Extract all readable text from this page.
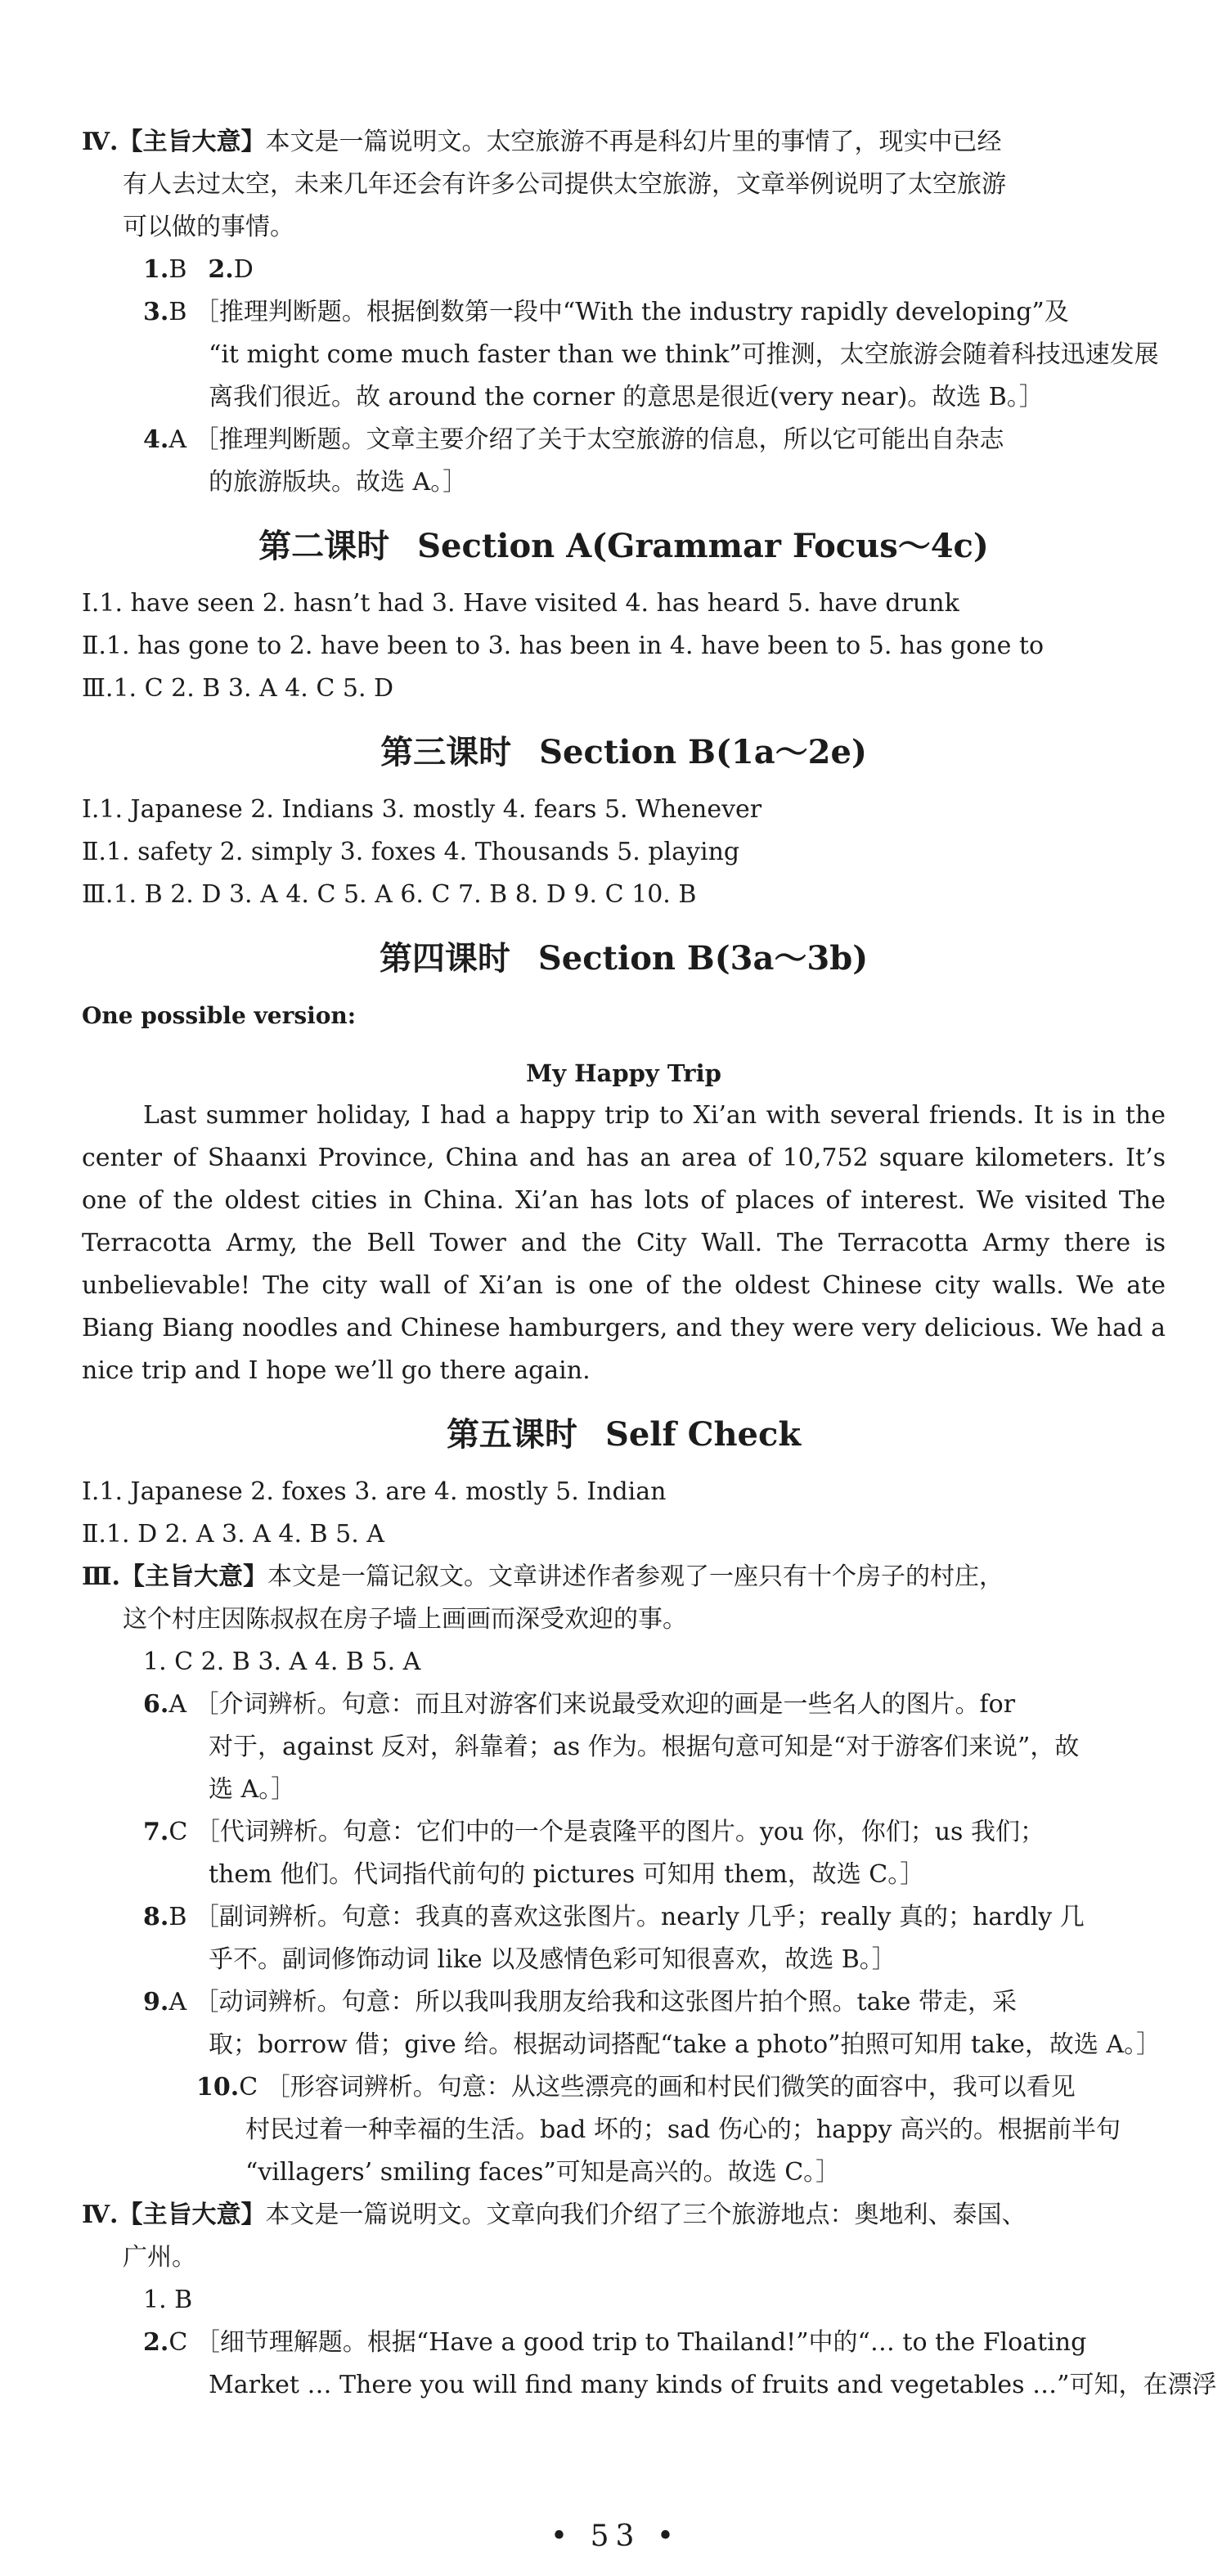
Ⅳ.【主旨大意】本文是一篇说明文。太空旅游不再是科幻片里的事情了，现实中已经
有人去过太空，未来几年还会有许多公司提供太空旅游，文章举例说明了太空旅游
可以做的事情。
1.B 2.D
3.B ［推理判断题。根据倒数第一段中“With the industry rapidly developing”及
“it might come much faster than we think”可推测，太空旅游会随着科技迅速发展
离我们很近。故 around the corner 的意思是很近(very near)。故选 B。］
4.A ［推理判断题。文章主要介绍了关于太空旅游的信息，所以它可能出自杂志
的旅游版块。故选 A。］
第二课时 Section A(Grammar Focus～4c)
Ⅰ.1. have seen 2. hasn’t had 3. Have visited 4. has heard 5. have drunk
Ⅱ.1. has gone to 2. have been to 3. has been in 4. have been to 5. has gone to
Ⅲ.1. C 2. B 3. A 4. C 5. D
第三课时 Section B(1a～2e)
Ⅰ.1. Japanese 2. Indians 3. mostly 4. fears 5. Whenever
Ⅱ.1. safety 2. simply 3. foxes 4. Thousands 5. playing
Ⅲ.1. B 2. D 3. A 4. C 5. A 6. C 7. B 8. D 9. C 10. B
第四课时 Section B(3a～3b)
One possible version:
My Happy Trip

Last summer holiday, I had a happy trip to Xi’an with several friends. It is in the center of Shaanxi Province, China and has an area of 10,752 square kilometers. It’s one of the oldest cities in China. Xi’an has lots of places of interest. We visited The Terracotta Army, the Bell Tower and the City Wall. The Terracotta Army there is unbelievable! The city wall of Xi’an is one of the oldest Chinese city walls. We ate Biang Biang noodles and Chinese hamburgers, and they were very delicious. We had a nice trip and I hope we’ll go there again.

第五课时 Self Check
Ⅰ.1. Japanese 2. foxes 3. are 4. mostly 5. Indian
Ⅱ.1. D 2. A 3. A 4. B 5. A
Ⅲ.【主旨大意】本文是一篇记叙文。文章讲述作者参观了一座只有十个房子的村庄，
这个村庄因陈叔叔在房子墙上画画而深受欢迎的事。
1. C 2. B 3. A 4. B 5. A
6.A ［介词辨析。句意：而且对游客们来说最受欢迎的画是一些名人的图片。for
对于，against 反对，斜靠着；as 作为。根据句意可知是“对于游客们来说”，故
选 A。］
7.C ［代词辨析。句意：它们中的一个是袁隆平的图片。you 你，你们；us 我们；
them 他们。代词指代前句的 pictures 可知用 them，故选 C。］
8.B ［副词辨析。句意：我真的喜欢这张图片。nearly 几乎；really 真的；hardly 几
乎不。副词修饰动词 like 以及感情色彩可知很喜欢，故选 B。］
9.A ［动词辨析。句意：所以我叫我朋友给我和这张图片拍个照。take 带走，采
取；borrow 借；give 给。根据动词搭配“take a photo”拍照可知用 take，故选 A。］
10.C ［形容词辨析。句意：从这些漂亮的画和村民们微笑的面容中，我可以看见
村民过着一种幸福的生活。bad 坏的；sad 伤心的；happy 高兴的。根据前半句
“villagers’ smiling faces”可知是高兴的。故选 C。］
Ⅳ.【主旨大意】本文是一篇说明文。文章向我们介绍了三个旅游地点：奥地利、泰国、
广州。
1. B
2.C ［细节理解题。根据“Have a good trip to Thailand!”中的“… to the Floating
Market … There you will find many kinds of fruits and vegetables …”可知，在漂浮
• 53 •
